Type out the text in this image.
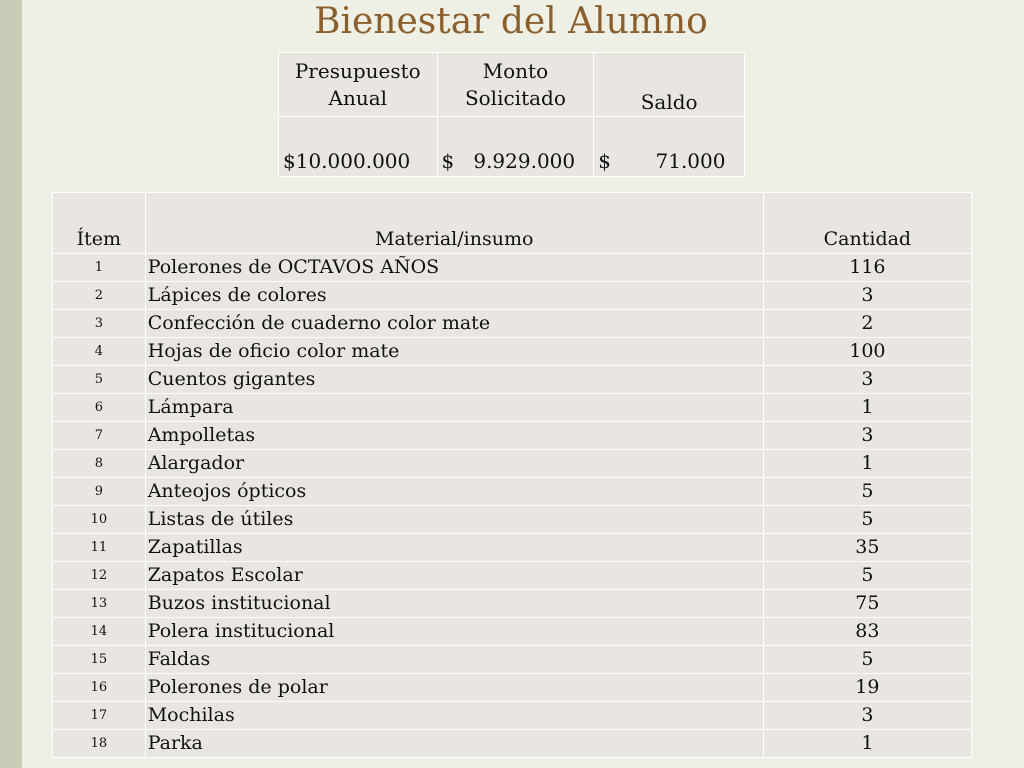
Bienestar del Alumno
Presupuesto Anual	Monto Solicitado	Saldo
$10.000.000	$   9.929.000	$       71.000
Ítem	Material/insumo	Cantidad
1	Polerones de OCTAVOS AÑOS	116
2	Lápices de colores	3
3	Confección de cuaderno color mate	2
4	Hojas de oficio color mate	100
5	Cuentos gigantes	3
6	Lámpara	1
7	Ampolletas	3
8	Alargador	1
9	Anteojos ópticos	5
10	Listas de útiles	5
11	Zapatillas	35
12	Zapatos Escolar	5
13	Buzos institucional	75
14	Polera institucional	83
15	Faldas	5
16	Polerones de polar	19
17	Mochilas	3
18	Parka	1
